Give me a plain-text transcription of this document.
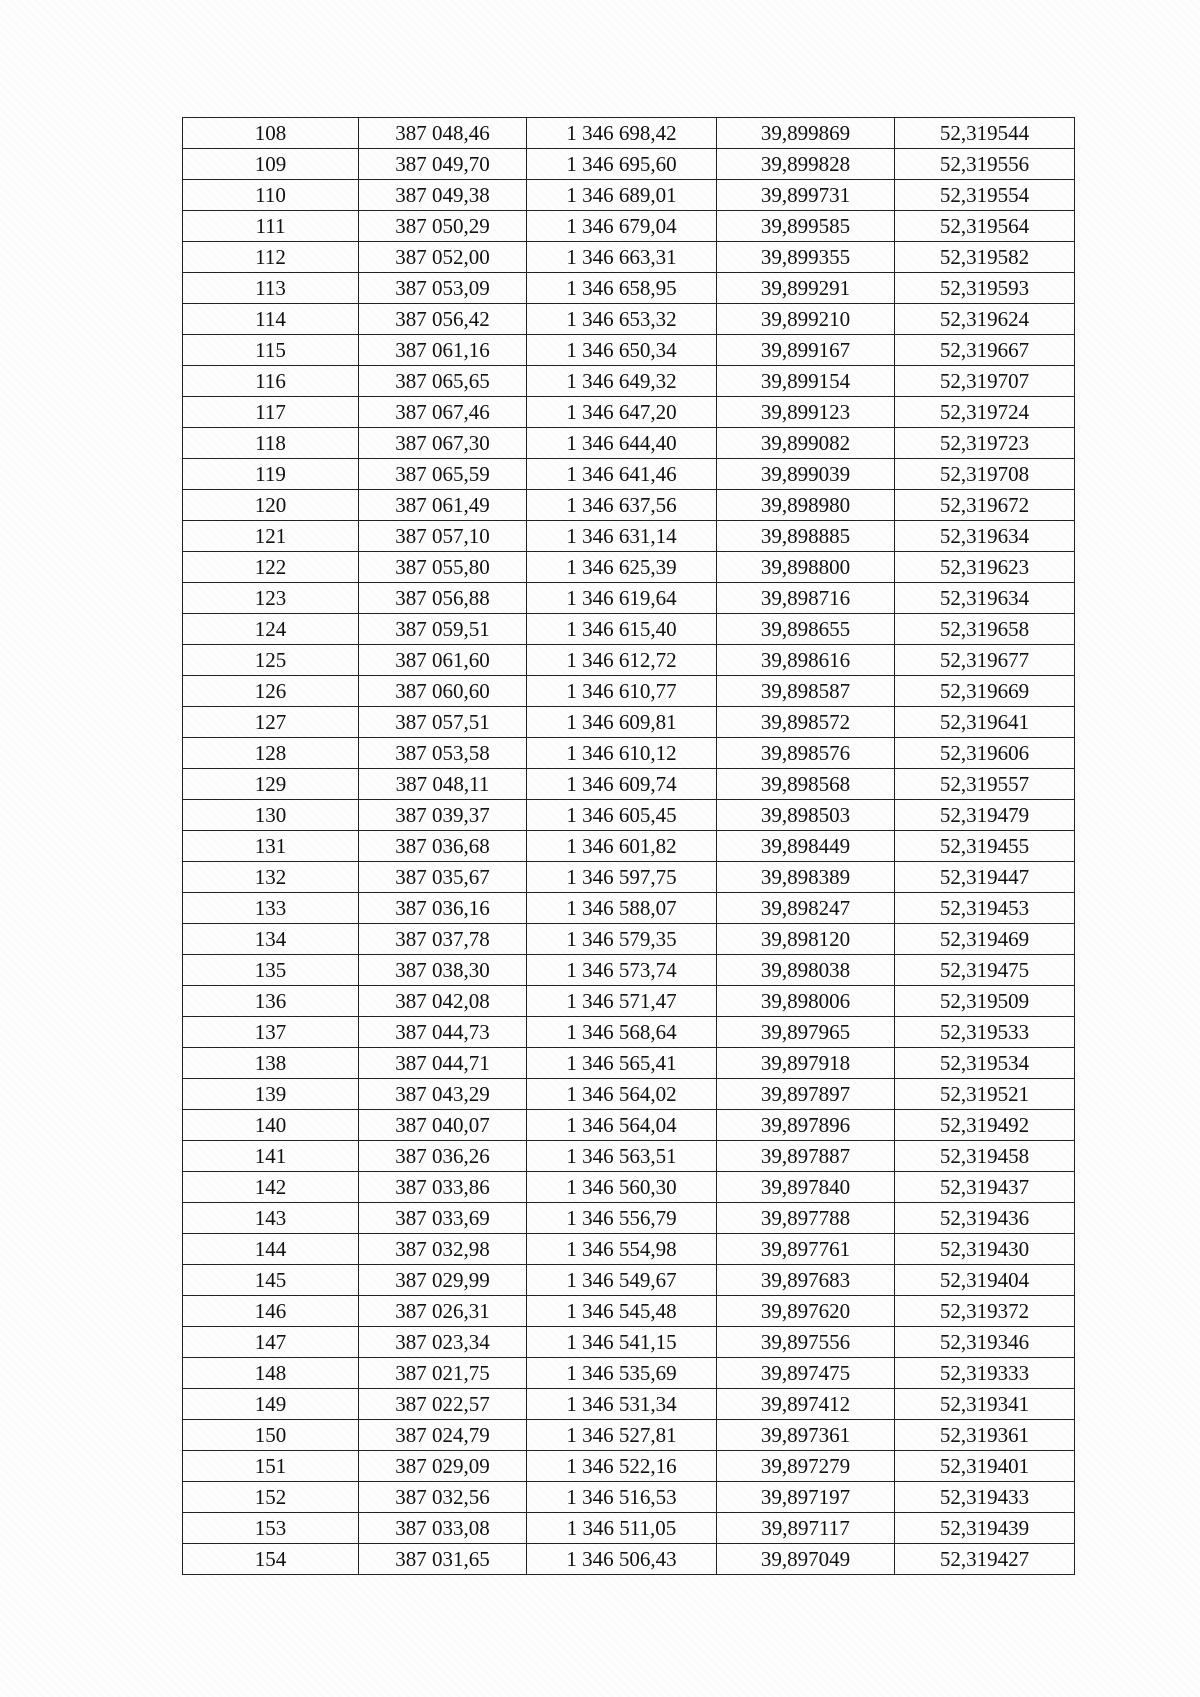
108	387 048,46	1 346 698,42	39,899869	52,319544
109	387 049,70	1 346 695,60	39,899828	52,319556
110	387 049,38	1 346 689,01	39,899731	52,319554
111	387 050,29	1 346 679,04	39,899585	52,319564
112	387 052,00	1 346 663,31	39,899355	52,319582
113	387 053,09	1 346 658,95	39,899291	52,319593
114	387 056,42	1 346 653,32	39,899210	52,319624
115	387 061,16	1 346 650,34	39,899167	52,319667
116	387 065,65	1 346 649,32	39,899154	52,319707
117	387 067,46	1 346 647,20	39,899123	52,319724
118	387 067,30	1 346 644,40	39,899082	52,319723
119	387 065,59	1 346 641,46	39,899039	52,319708
120	387 061,49	1 346 637,56	39,898980	52,319672
121	387 057,10	1 346 631,14	39,898885	52,319634
122	387 055,80	1 346 625,39	39,898800	52,319623
123	387 056,88	1 346 619,64	39,898716	52,319634
124	387 059,51	1 346 615,40	39,898655	52,319658
125	387 061,60	1 346 612,72	39,898616	52,319677
126	387 060,60	1 346 610,77	39,898587	52,319669
127	387 057,51	1 346 609,81	39,898572	52,319641
128	387 053,58	1 346 610,12	39,898576	52,319606
129	387 048,11	1 346 609,74	39,898568	52,319557
130	387 039,37	1 346 605,45	39,898503	52,319479
131	387 036,68	1 346 601,82	39,898449	52,319455
132	387 035,67	1 346 597,75	39,898389	52,319447
133	387 036,16	1 346 588,07	39,898247	52,319453
134	387 037,78	1 346 579,35	39,898120	52,319469
135	387 038,30	1 346 573,74	39,898038	52,319475
136	387 042,08	1 346 571,47	39,898006	52,319509
137	387 044,73	1 346 568,64	39,897965	52,319533
138	387 044,71	1 346 565,41	39,897918	52,319534
139	387 043,29	1 346 564,02	39,897897	52,319521
140	387 040,07	1 346 564,04	39,897896	52,319492
141	387 036,26	1 346 563,51	39,897887	52,319458
142	387 033,86	1 346 560,30	39,897840	52,319437
143	387 033,69	1 346 556,79	39,897788	52,319436
144	387 032,98	1 346 554,98	39,897761	52,319430
145	387 029,99	1 346 549,67	39,897683	52,319404
146	387 026,31	1 346 545,48	39,897620	52,319372
147	387 023,34	1 346 541,15	39,897556	52,319346
148	387 021,75	1 346 535,69	39,897475	52,319333
149	387 022,57	1 346 531,34	39,897412	52,319341
150	387 024,79	1 346 527,81	39,897361	52,319361
151	387 029,09	1 346 522,16	39,897279	52,319401
152	387 032,56	1 346 516,53	39,897197	52,319433
153	387 033,08	1 346 511,05	39,897117	52,319439
154	387 031,65	1 346 506,43	39,897049	52,319427
